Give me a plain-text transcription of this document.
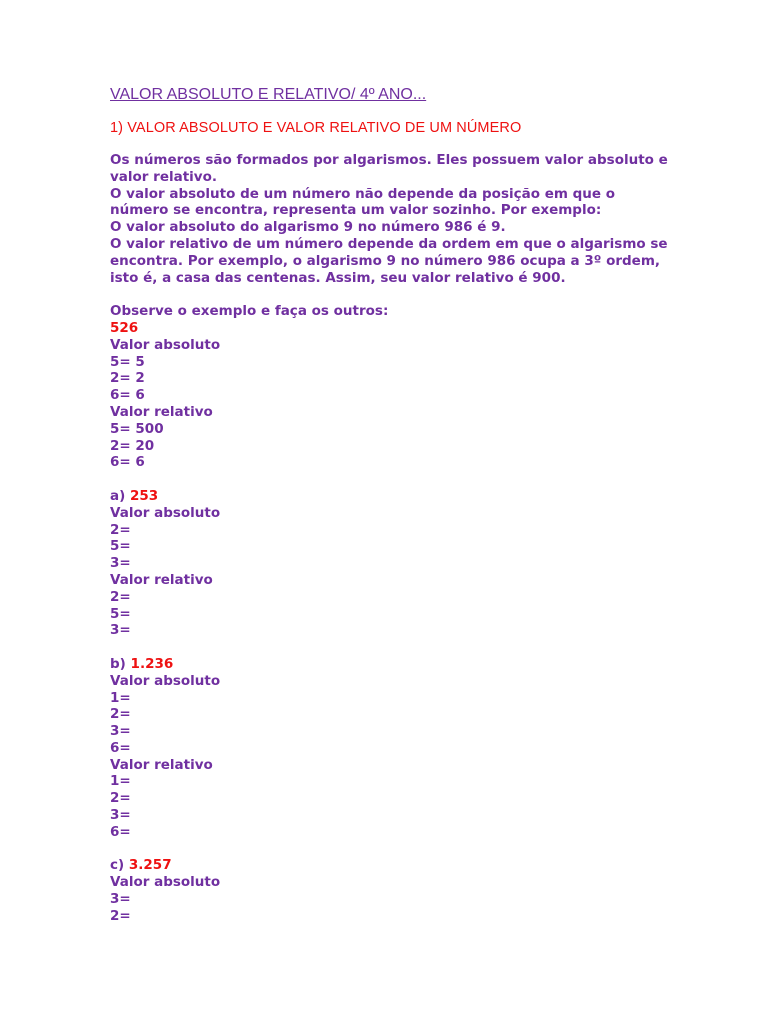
VALOR ABSOLUTO E RELATIVO/ 4º ANO...
1) VALOR ABSOLUTO E VALOR RELATIVO DE UM NÚMERO
Os números são formados por algarismos. Eles possuem valor absoluto e
valor relativo.
O valor absoluto de um número não depende da posição em que o
número se encontra, representa um valor sozinho. Por exemplo:
O valor absoluto do algarismo 9 no número 986 é 9.
O valor relativo de um número depende da ordem em que o algarismo se
encontra. Por exemplo, o algarismo 9 no número 986 ocupa a 3º ordem,
isto é, a casa das centenas. Assim, seu valor relativo é 900.
Observe o exemplo e faça os outros:
526
Valor absoluto
5= 5
2= 2
6= 6
Valor relativo
5= 500
2= 20
6= 6
a) 253
Valor absoluto
2=
5=
3=
Valor relativo
2=
5=
3=
b) 1.236
Valor absoluto
1=
2=
3=
6=
Valor relativo
1=
2=
3=
6=
c) 3.257
Valor absoluto
3=
2=
